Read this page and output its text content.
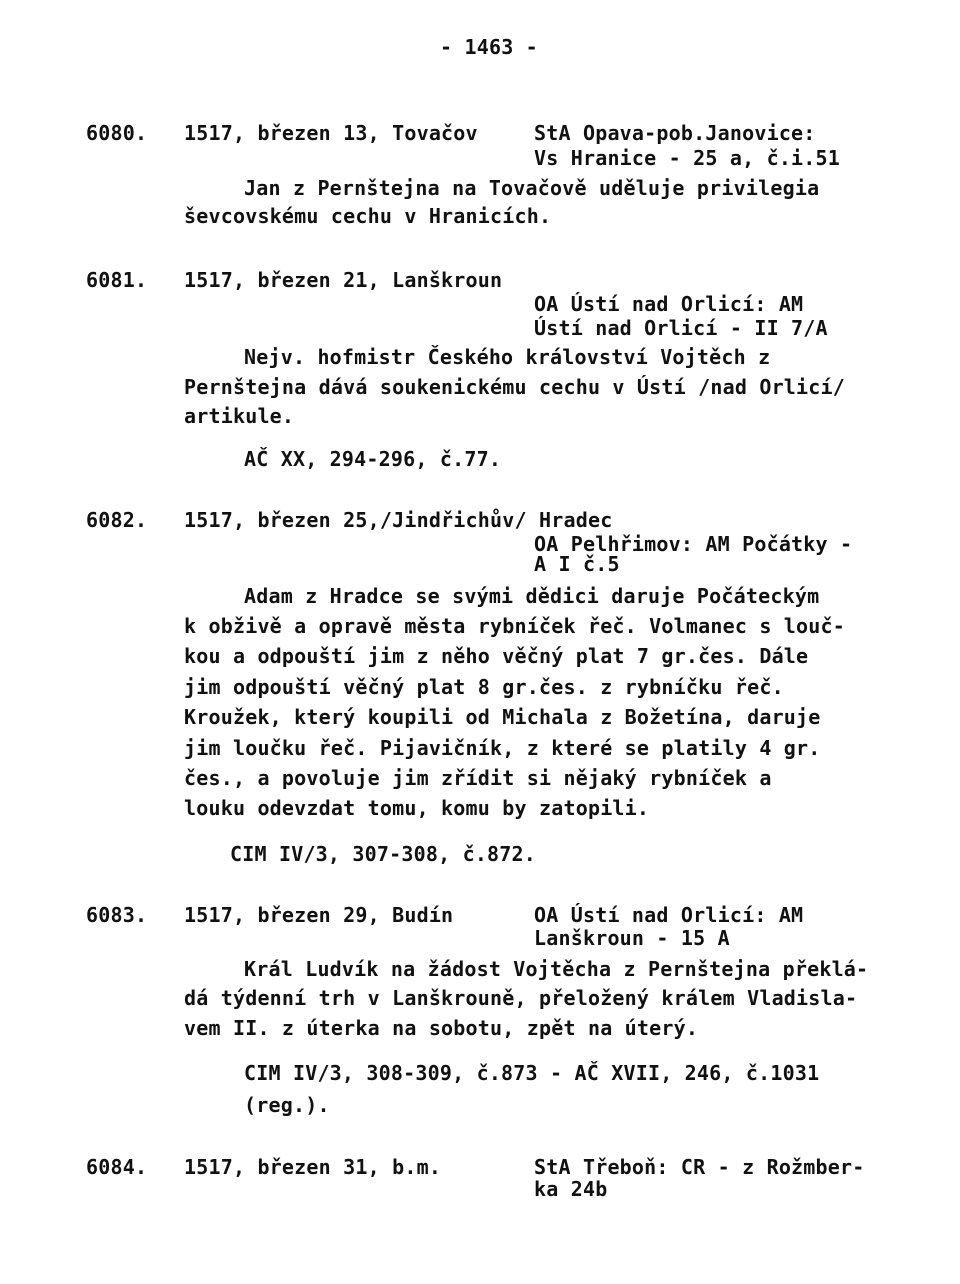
- 1463 -
6080. 1517, březen 13, Tovačov	StA Opava-pob.Janovice:
Vs Hranice - 25 a, č.i.51
Jan z Pernštejna na Tovačově uděluje privilegia
ševcovskému cechu v Hranicích.
6081. 1517, březen 21, Lanškroun
OA Ústí nad Orlicí: AM
Ústí nad Orlicí - II 7/A
Nejv. hofmistr Českého království Vojtěch z
Pernštejna dává soukenickému cechu v Ústí /nad Orlicí/
artikule.
AČ XX, 294-296, č.77.
6082. 1517, březen 25,/Jindřichův/ Hradec
OA Pelhřimov: AM Počátky -
A I č.5
Adam z Hradce se svými dědici daruje Počáteckým
k obživě a opravě města rybníček řeč. Volmanec s louč-
kou a odpouští jim z něho věčný plat 7 gr.čes. Dále
jim odpouští věčný plat 8 gr.čes. z rybníčku řeč.
Kroužek, který koupili od Michala z Božetína, daruje
jim loučku řeč. Pijavičník, z které se platily 4 gr.
čes., a povoluje jim zřídit si nějaký rybníček a
louku odevzdat tomu, komu by zatopili.
CIM IV/3, 307-308, č.872.
6083. 1517, březen 29, Budín	OA Ústí nad Orlicí: AM
Lanškroun - 15 A
Král Ludvík na žádost Vojtěcha z Pernštejna překlá-
dá týdenní trh v Lanškrouně, přeložený králem Vladisla-
vem II. z úterka na sobotu, zpět na úterý.
CIM IV/3, 308-309, č.873 - AČ XVII, 246, č.1031
(reg.).
6084. 1517, březen 31, b.m.	StA Třeboň: CR - z Rožmber-
ka 24b
